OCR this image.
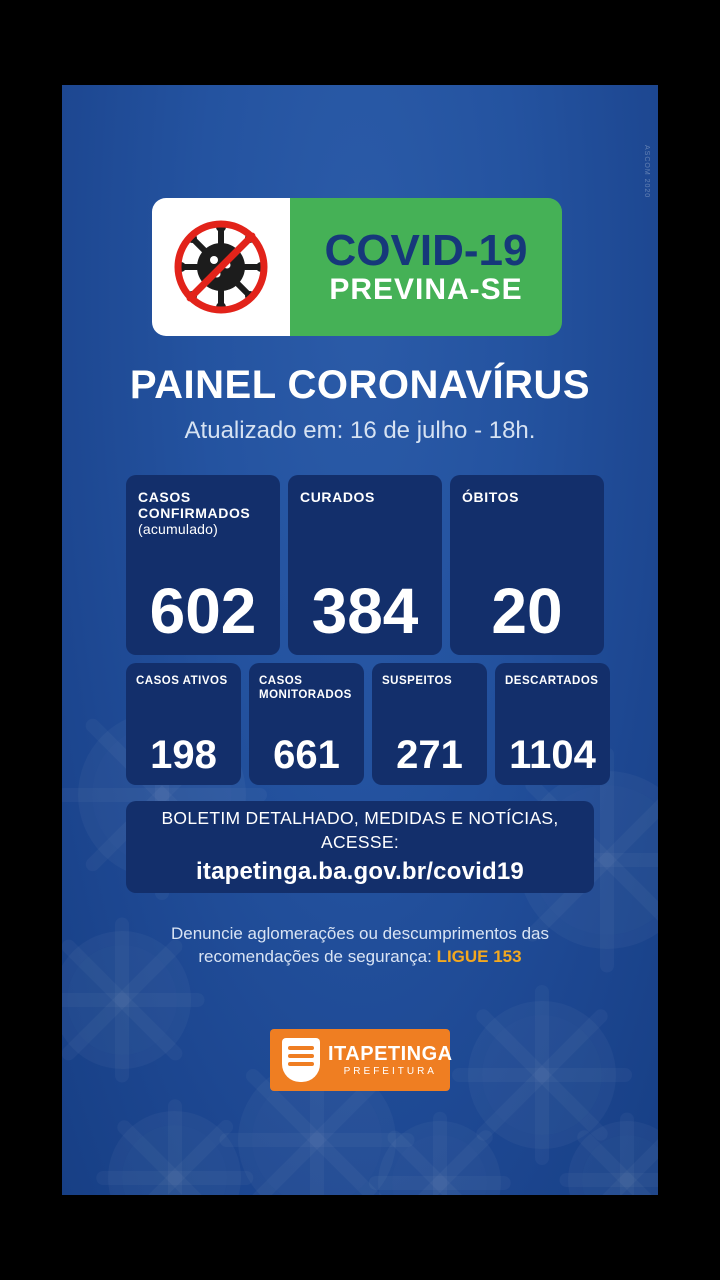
ASCOM 2020
COVID-19
PREVINA-SE
PAINEL CORONAVÍRUS
Atualizado em: 16 de julho - 18h.
CASOS CONFIRMADOS
(acumulado)
602
CURADOS
384
ÓBITOS
20
CASOS ATIVOS
198
CASOS MONITORADOS
661
SUSPEITOS
271
DESCARTADOS
1104
BOLETIM DETALHADO, MEDIDAS E NOTÍCIAS,
ACESSE:
itapetinga.ba.gov.br/covid19
Denuncie aglomerações ou descumprimentos das
recomendações de segurança: LIGUE 153
ITAPETINGA
PREFEITURA
